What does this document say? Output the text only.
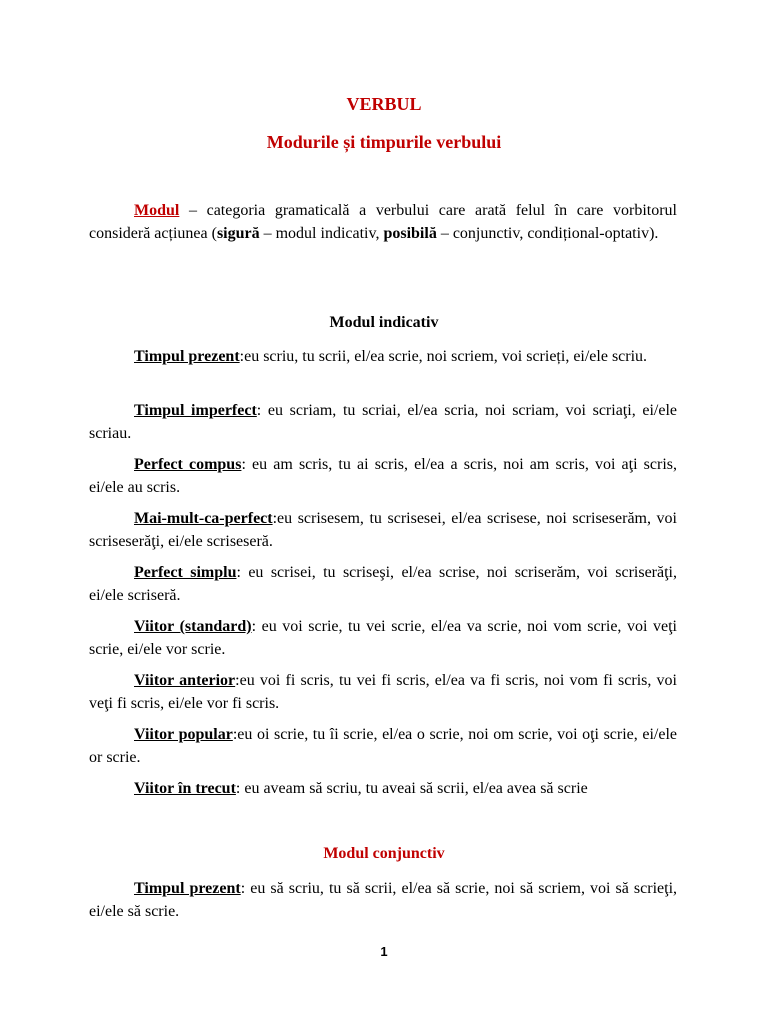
VERBUL
Modurile și timpurile verbului

Modul – categoria gramaticală a verbului care arată felul în care vorbitorul consideră acțiunea (sigură – modul indicativ, posibilă – conjunctiv, condițional-optativ).

Modul indicativ

Timpul prezent:eu scriu, tu scrii, el/ea scrie, noi scriem, voi scrieți, ei/ele scriu.

Timpul imperfect: eu scriam, tu scriai, el/ea scria, noi scriam, voi scriaţi, ei/ele scriau.

Perfect compus: eu am scris, tu ai scris, el/ea a scris, noi am scris, voi aţi scris, ei/ele au scris.

Mai-mult-ca-perfect:eu scrisesem, tu scrisesei, el/ea scrisese, noi scriseserăm, voi scriseserăţi, ei/ele scriseseră.

Perfect simplu: eu scrisei, tu scriseşi, el/ea scrise, noi scriserăm, voi scriserăţi, ei/ele scriseră.

Viitor (standard): eu voi scrie, tu vei scrie, el/ea va scrie, noi vom scrie, voi veţi scrie, ei/ele vor scrie.

Viitor anterior:eu voi fi scris, tu vei fi scris, el/ea va fi scris, noi vom fi scris, voi veţi fi scris, ei/ele vor fi scris.

Viitor popular:eu oi scrie, tu îi scrie, el/ea o scrie, noi om scrie, voi oţi scrie, ei/ele or scrie.

Viitor în trecut: eu aveam să scriu, tu aveai să scrii, el/ea avea să scrie

Modul conjunctiv

Timpul prezent: eu să scriu, tu să scrii, el/ea să scrie, noi să scriem, voi să scrieţi, ei/ele să scrie.

1
